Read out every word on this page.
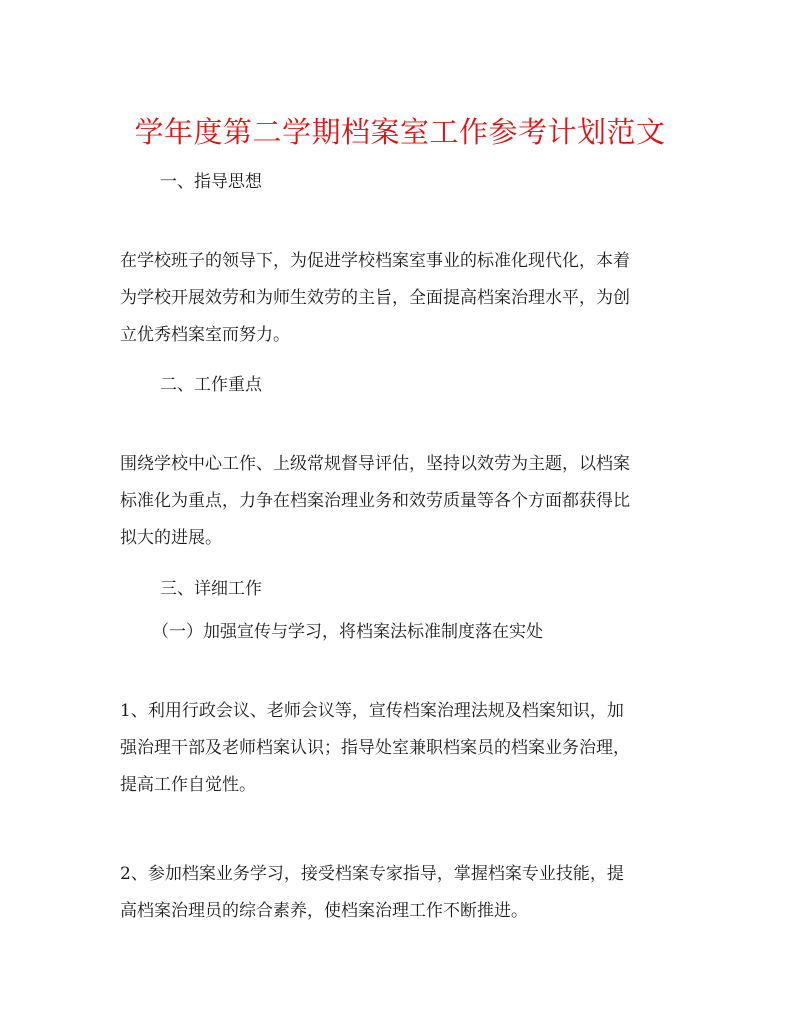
学年度第二学期档案室工作参考计划范文
一、指导思想
在学校班子的领导下，为促进学校档案室事业的标准化现代化，本着
为学校开展效劳和为师生效劳的主旨，全面提高档案治理水平，为创
立优秀档案室而努力。
二、工作重点
围绕学校中心工作、上级常规督导评估，坚持以效劳为主题，以档案
标准化为重点，力争在档案治理业务和效劳质量等各个方面都获得比
拟大的进展。
三、详细工作
（一）加强宣传与学习，将档案法标准制度落在实处
1、利用行政会议、老师会议等，宣传档案治理法规及档案知识，加
强治理干部及老师档案认识；指导处室兼职档案员的档案业务治理，
提高工作自觉性。
2、参加档案业务学习，接受档案专家指导，掌握档案专业技能，提
高档案治理员的综合素养，使档案治理工作不断推进。
